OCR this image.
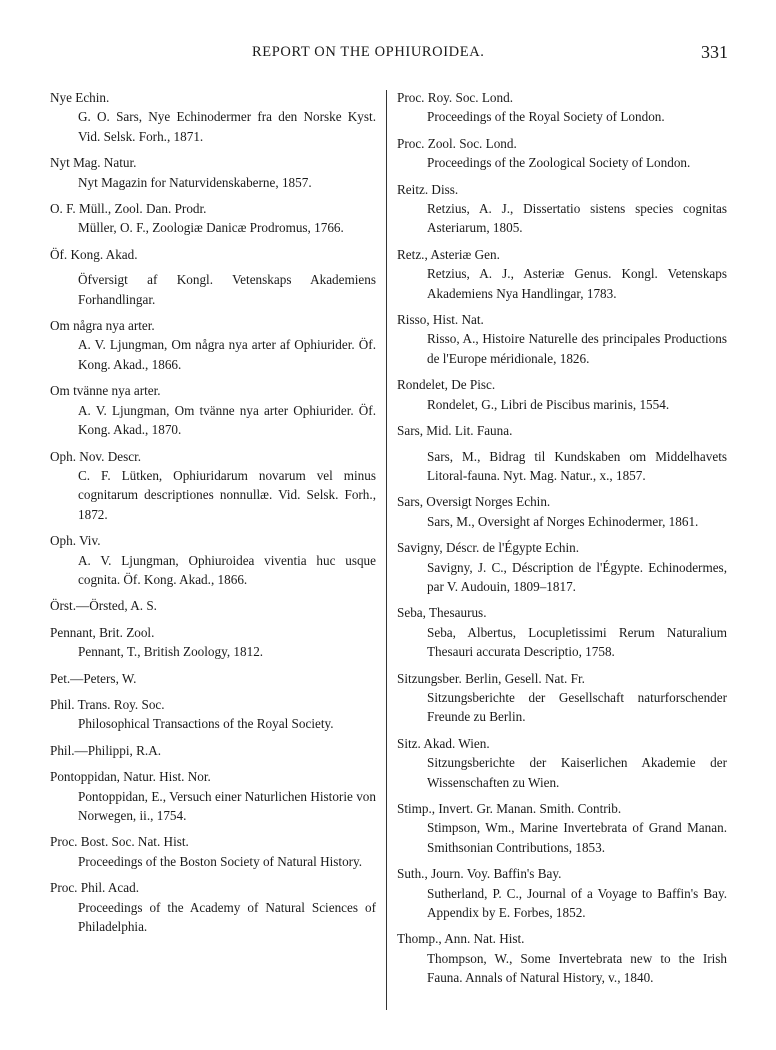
REPORT ON THE OPHIUROIDEA.	331
Nye Echin.
G. O. Sars, Nye Echinodermer fra den Norske Kyst. Vid. Selsk. Forh., 1871.
Nyt Mag. Natur.
Nyt Magazin for Naturvidenskaberne, 1857.
O. F. Müll., Zool. Dan. Prodr.
Müller, O. F., Zoologiæ Danicæ Prodromus, 1766.
Öf. Kong. Akad.
Öfversigt af Kongl. Vetenskaps Akademiens Forhandlingar.
Om några nya arter.
A. V. Ljungman, Om några nya arter af Ophiurider. Öf. Kong. Akad., 1866.
Om tvänne nya arter.
A. V. Ljungman, Om tvänne nya arter Ophiurider. Öf. Kong. Akad., 1870.
Oph. Nov. Descr.
C. F. Lütken, Ophiuridarum novarum vel minus cognitarum descriptiones nonnullæ. Vid. Selsk. Forh., 1872.
Oph. Viv.
A. V. Ljungman, Ophiuroidea viventia huc usque cognita. Öf. Kong. Akad., 1866.
Örst.—Örsted, A. S.
Pennant, Brit. Zool.
Pennant, T., British Zoology, 1812.
Pet.—Peters, W.
Phil. Trans. Roy. Soc.
Philosophical Transactions of the Royal Society.
Phil.—Philippi, R.A.
Pontoppidan, Natur. Hist. Nor.
Pontoppidan, E., Versuch einer Naturlichen Historie von Norwegen, ii., 1754.
Proc. Bost. Soc. Nat. Hist.
Proceedings of the Boston Society of Natural History.
Proc. Phil. Acad.
Proceedings of the Academy of Natural Sciences of Philadelphia.
Proc. Roy. Soc. Lond.
Proceedings of the Royal Society of London.
Proc. Zool. Soc. Lond.
Proceedings of the Zoological Society of London.
Reitz. Diss.
Retzius, A. J., Dissertatio sistens species cognitas Asteriarum, 1805.
Retz., Asteriæ Gen.
Retzius, A. J., Asteriæ Genus. Kongl. Vetenskaps Akademiens Nya Handlingar, 1783.
Risso, Hist. Nat.
Risso, A., Histoire Naturelle des principales Productions de l'Europe méridionale, 1826.
Rondelet, De Pisc.
Rondelet, G., Libri de Piscibus marinis, 1554.
Sars, Mid. Lit. Fauna.
Sars, M., Bidrag til Kundskaben om Middelhavets Litoral-fauna. Nyt. Mag. Natur., x., 1857.
Sars, Oversigt Norges Echin.
Sars, M., Oversight af Norges Echinodermer, 1861.
Savigny, Déscr. de l'Égypte Echin.
Savigny, J. C., Déscription de l'Égypte. Echinodermes, par V. Audouin, 1809–1817.
Seba, Thesaurus.
Seba, Albertus, Locupletissimi Rerum Naturalium Thesauri accurata Descriptio, 1758.
Sitzungsber. Berlin, Gesell. Nat. Fr.
Sitzungsberichte der Gesellschaft naturforschender Freunde zu Berlin.
Sitz. Akad. Wien.
Sitzungsberichte der Kaiserlichen Akademie der Wissenschaften zu Wien.
Stimp., Invert. Gr. Manan. Smith. Contrib.
Stimpson, Wm., Marine Invertebrata of Grand Manan. Smithsonian Contributions, 1853.
Suth., Journ. Voy. Baffin's Bay.
Sutherland, P. C., Journal of a Voyage to Baffin's Bay. Appendix by E. Forbes, 1852.
Thomp., Ann. Nat. Hist.
Thompson, W., Some Invertebrata new to the Irish Fauna. Annals of Natural History, v., 1840.
